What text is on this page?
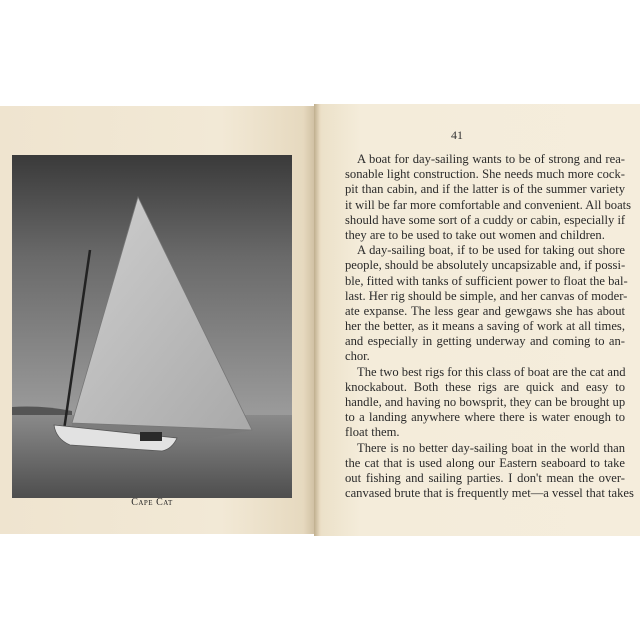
Cape Cat
41
A boat for day-sailing wants to be of strong and rea-
sonable light construction. She needs much more cock-
pit than cabin, and if the latter is of the summer variety
it will be far more comfortable and convenient. All boats
should have some sort of a cuddy or cabin, especially if
they are to be used to take out women and children.
A day-sailing boat, if to be used for taking out shore
people, should be absolutely uncapsizable and, if possi-
ble, fitted with tanks of sufficient power to float the bal-
last. Her rig should be simple, and her canvas of moder-
ate expanse. The less gear and gewgaws she has about
her the better, as it means a saving of work at all times,
and especially in getting underway and coming to an-
chor.
The two best rigs for this class of boat are the cat and
knockabout. Both these rigs are quick and easy to
handle, and having no bowsprit, they can be brought up
to a landing anywhere where there is water enough to
float them.
There is no better day-sailing boat in the world than
the cat that is used along our Eastern seaboard to take
out fishing and sailing parties. I don't mean the over-
canvased brute that is frequently met—a vessel that takes
